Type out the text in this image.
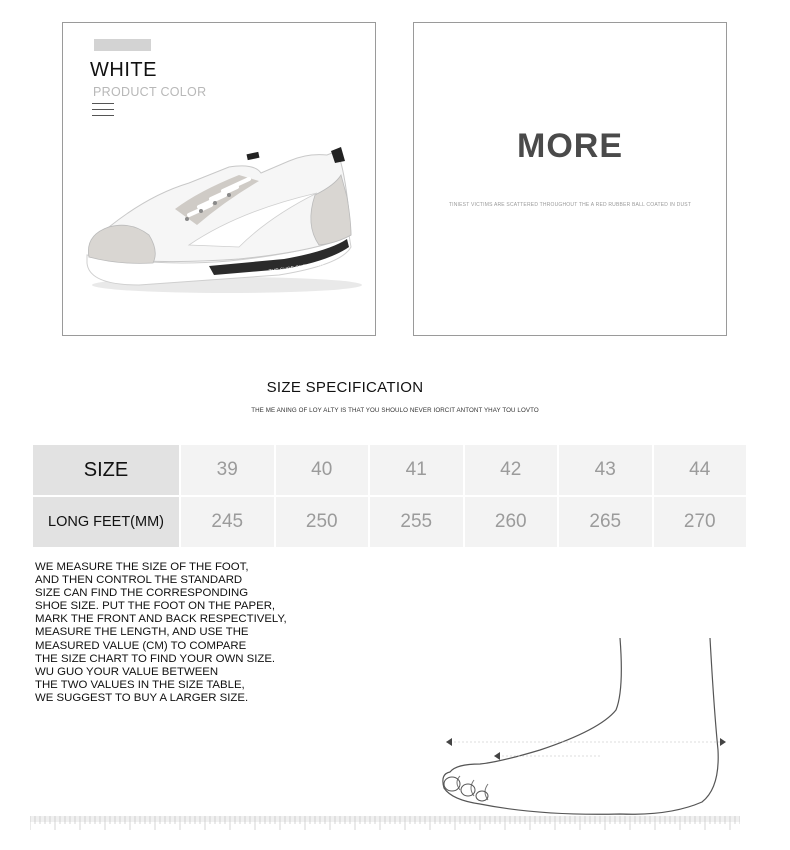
WHITE
PRODUCT COLOR
THE SHOE ONE STORY
MORE
TINIEST VICTIMS ARE SCATTERED THROUGHOUT THE A RED RUBBER BALL COATED IN DUST
SIZE SPECIFICATION
THE ME ANING OF LOY ALTY IS THAT YOU SHOULO NEVER IORCIT ANTONT YHAY TOU LOVTO
SIZE	39	40	41	42	43	44
LONG FEET(MM)	245	250	255	260	265	270
WE MEASURE THE SIZE OF THE FOOT,
AND THEN CONTROL THE STANDARD
SIZE CAN FIND THE CORRESPONDING
SHOE SIZE. PUT THE FOOT ON THE PAPER,
MARK THE FRONT AND BACK RESPECTIVELY,
MEASURE THE LENGTH, AND USE THE
MEASURED VALUE (CM) TO COMPARE
THE SIZE CHART TO FIND YOUR OWN SIZE.
WU GUO YOUR VALUE BETWEEN
THE TWO VALUES IN THE SIZE TABLE,
WE SUGGEST TO BUY A LARGER SIZE.
